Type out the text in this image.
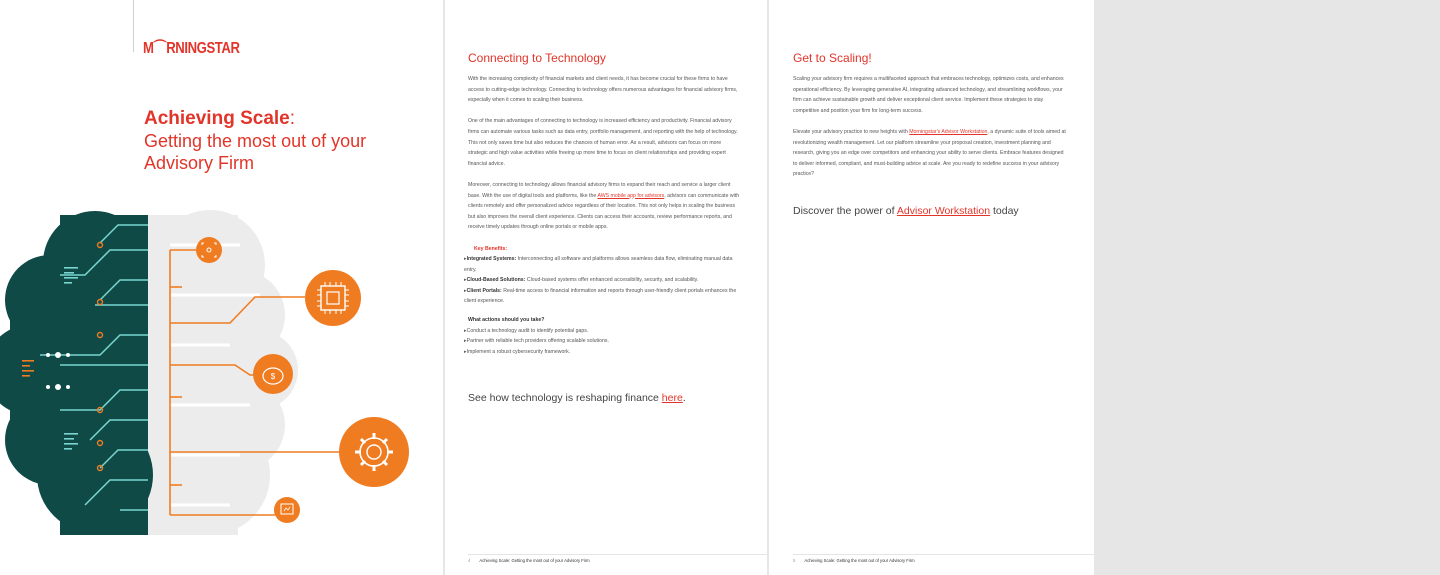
M⌒RNINGSTAR
Achieving Scale:
Getting the most out of your Advisory Firm
$
Connecting to Technology

With the increasing complexity of financial markets and client needs, it has become crucial for these firms to have access to cutting-edge technology. Connecting to technology offers numerous advantages for financial advisory firms, especially when it comes to scaling their business.

One of the main advantages of connecting to technology is increased efficiency and productivity. Financial advisory firms can automate various tasks such as data entry, portfolio management, and reporting with the help of technology. This not only saves time but also reduces the chances of human error. As a result, advisors can focus on more strategic and high value activities while freeing up more time to focus on client relationships and providing expert financial advice.

Moreover, connecting to technology allows financial advisory firms to expand their reach and service a larger client base. With the use of digital tools and platforms, like the AWS mobile app for advisors, advisors can communicate with clients remotely and offer personalized advice regardless of their location. This not only helps in scaling the business but also improves the overall client experience. Clients can access their accounts, review performance reports, and receive timely updates through online portals or mobile apps.

Key Benefits:
▸ Integrated Systems: Interconnecting all software and platforms allows seamless data flow, eliminating manual data entry.
▸ Cloud-Based Solutions: Cloud-based systems offer enhanced accessibility, security, and scalability.
▸ Client Portals: Real-time access to financial information and reports through user-friendly client portals enhances the client experience.
What actions should you take?
▸ Conduct a technology audit to identify potential gaps.
▸ Partner with reliable tech providers offering scalable solutions.
▸ Implement a robust cybersecurity framework.
See how technology is reshaping finance here.
4 Achieving Scale: Getting the most out of your Advisory Firm
Get to Scaling!

Scaling your advisory firm requires a multifaceted approach that embraces technology, optimizes costs, and enhances operational efficiency. By leveraging generative AI, integrating advanced technology, and streamlining workflows, your firm can achieve sustainable growth and deliver exceptional client service. Implement these strategies to stay competitive and position your firm for long-term success.

Elevate your advisory practice to new heights with Morningstar's Advisor Workstation, a dynamic suite of tools aimed at revolutionizing wealth management. Let our platform streamline your proposal creation, investment planning and research, giving you an edge over competitors and enhancing your ability to serve clients. Embrace features designed to deliver informed, compliant, and must-building advice at scale. Are you ready to redefine success in your advisory practice?

Discover the power of Advisor Workstation today
5 Achieving Scale: Getting the most out of your Advisory Firm
